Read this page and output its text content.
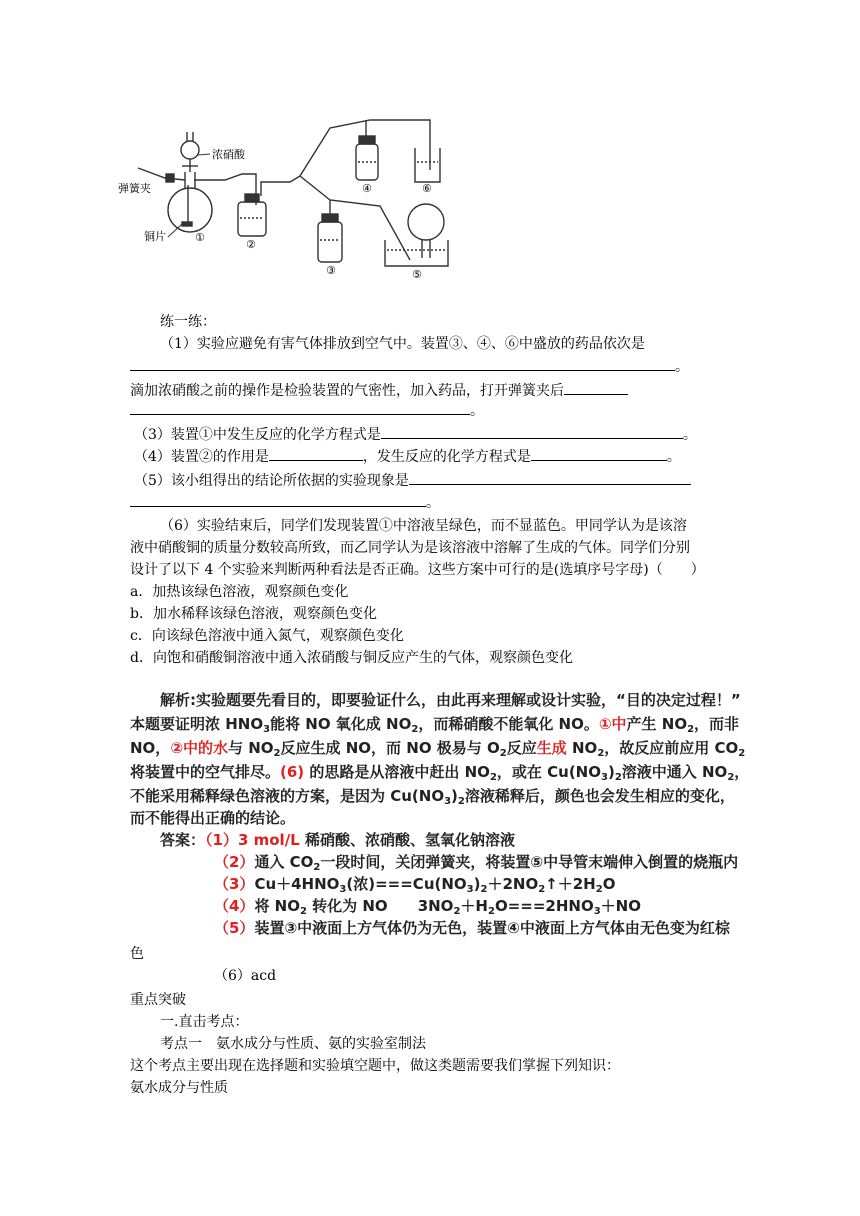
①
浓硝酸
弹簧夹
铜片
②
④	⑥
③	⑤
练一练：
（1）实验应避免有害气体排放到空气中。装置③、④、⑥中盛放的药品依次是
。
滴加浓硝酸之前的操作是检验装置的气密性，加入药品，打开弹簧夹后
。
（3）装置①中发生反应的化学方程式是	。
（4）装置②的作用是	，发生反应的化学方程式是	。
（5）该小组得出的结论所依据的实验现象是
。
（6）实验结束后，同学们发现装置①中溶液呈绿色，而不显蓝色。甲同学认为是该溶
液中硝酸铜的质量分数较高所致，而乙同学认为是该溶液中溶解了生成的气体。同学们分别
设计了以下 4 个实验来判断两种看法是否正确。这些方案中可行的是(选填序号字母)（　　）
a．加热该绿色溶液，观察颜色变化
b．加水稀释该绿色溶液，观察颜色变化
c．向该绿色溶液中通入氮气，观察颜色变化
d．向饱和硝酸铜溶液中通入浓硝酸与铜反应产生的气体，观察颜色变化
解析:实验题要先看目的，即要验证什么，由此再来理解或设计实验，“目的决定过程！”
本题要证明浓 $HNO_3$能将 NO 氧化成 $NO_2$，而稀硝酸不能氧化 NO。①中产生 $NO_2$，而非
NO，②中的水与 $NO_2$反应生成 NO，而 NO 极易与 $O_2$反应生成 $NO_2$，故反应前应用 $CO_2$
将装置中的空气排尽。(6) 的思路是从溶液中赶出 $NO_2$，或在 $Cu(NO_3)_2$溶液中通入 $NO_2$，
不能采用稀释绿色溶液的方案，是因为 $Cu(NO_3)_2$溶液稀释后，颜色也会发生相应的变化，
而不能得出正确的结论。
答案：（1）3 mol/L 稀硝酸、浓硝酸、氢氧化钠溶液
（2）通入 $CO_2$一段时间，关闭弹簧夹，将装置⑤中导管末端伸入倒置的烧瓶内
$(3)Cu+4HNO_3$(浓)$===Cu(NO_3)_2+2NO_2↑+2H_2O$
（4）将 $NO_2$ 转化为 NO　　$3NO_2+H_2O===2HNO_3+NO$
（5）装置③中液面上方气体仍为无色，装置④中液面上方气体由无色变为红棕
色
（6）acd
重点突破
一.直击考点：
考点一　氨水成分与性质、氨的实验室制法
这个考点主要出现在选择题和实验填空题中，做这类题需要我们掌握下列知识：
氨水成分与性质
